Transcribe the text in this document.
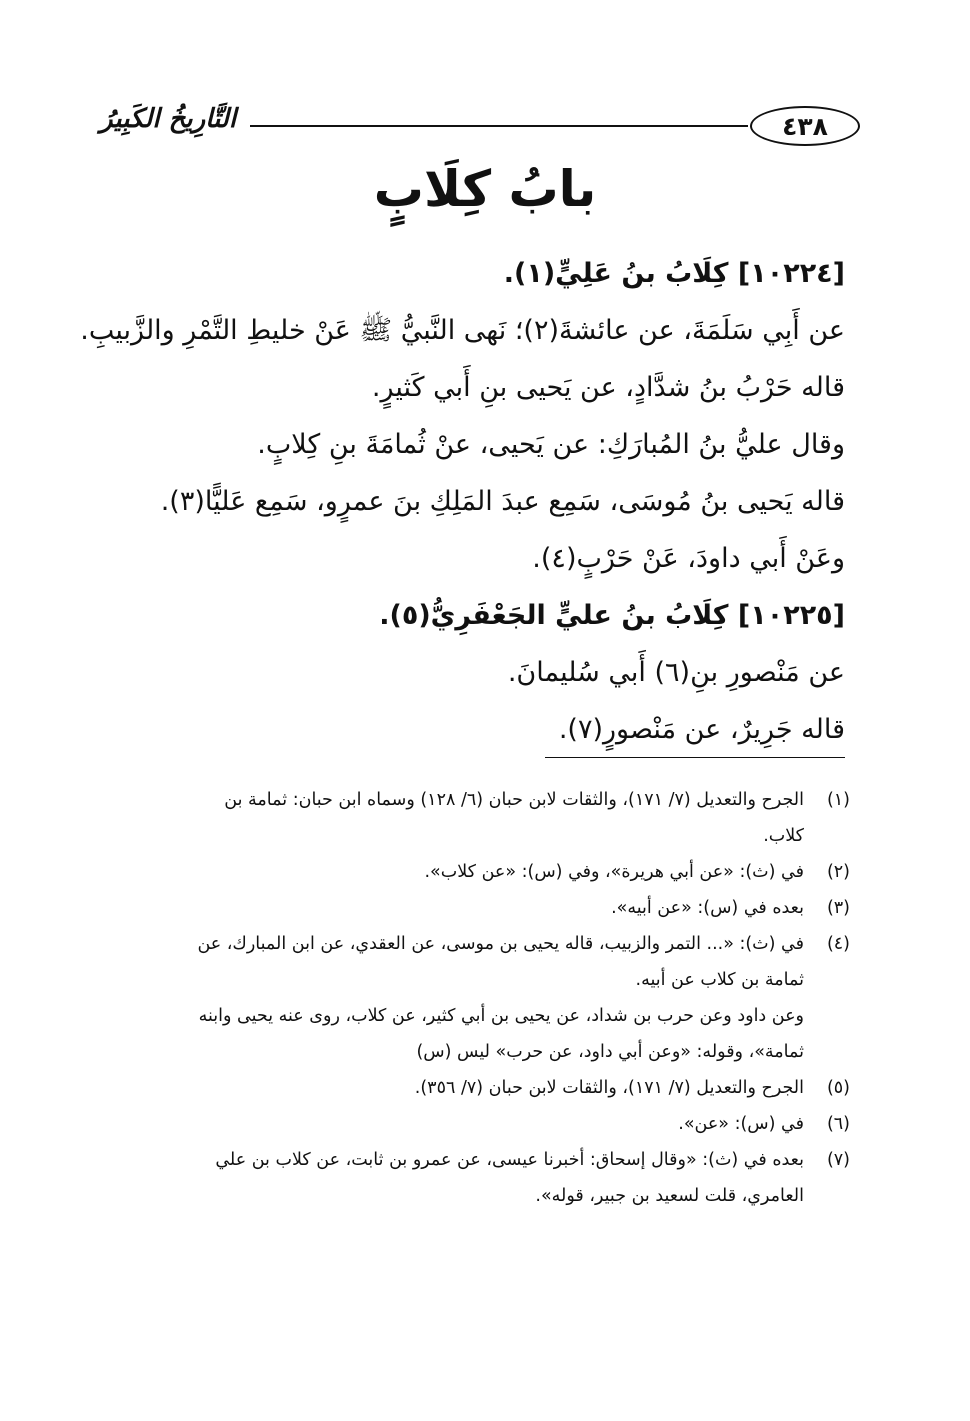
التَّارِيخُ الكَبِيرُ	٤٣٨
بابُ كِلَابٍ
[١٠٢٢٤] كِلَابُ بنُ عَلِيٍّ(١).
عن أَبِي سَلَمَةَ، عن عائشةَ(٢)؛ نَهى النَّبيُّ ﷺ عَنْ خليطِ التَّمْرِ والزَّبيبِ.
قاله حَرْبُ بنُ شدَّادٍ، عن يَحيى بنِ أَبي كَثيرٍ.
وقال عليُّ بنُ المُبارَكِ: عن يَحيى، عنْ ثُمامَةَ بنِ كِلابٍ.
قاله يَحيى بنُ مُوسَى، سَمِع عبدَ المَلِكِ بنَ عمرٍو، سَمِع عَليًّا(٣).
وعَنْ أَبي داودَ، عَنْ حَرْبٍ(٤).
[١٠٢٢٥] كِلَابُ بنُ عليٍّ الجَعْفَرِيُّ(٥).
عن مَنْصورِ بنِ(٦) أَبي سُليمانَ.
قاله جَرِيرٌ، عن مَنْصورٍ(٧).
(١)
الجرح والتعديل (٧/ ١٧١)، والثقات لابن حبان (٦/ ١٢٨) وسماه ابن حبان: ثمامة بن
كلاب.
(٢)
في (ث): «عن أبي هريرة»، وفي (س): «عن كلاب».
(٣)
بعده في (س): «عن أبيه».
(٤)
في (ث): «... التمر والزبيب، قاله يحيى بن موسى، عن العقدي، عن ابن المبارك، عن
ثمامة بن كلاب عن أبيه.
وعن داود وعن حرب بن شداد، عن يحيى بن أبي كثير، عن كلاب، روى عنه يحيى وابنه
ثمامة»، وقوله: «وعن أبي داود، عن حرب» ليس (س)
(٥)
الجرح والتعديل (٧/ ١٧١)، والثقات لابن حبان (٧/ ٣٥٦).
(٦)
في (س): «عن».
(٧)
بعده في (ث): «وقال إسحاق: أخبرنا عيسى، عن عمرو بن ثابت، عن كلاب بن علي
العامري، قلت لسعيد بن جبير، قوله».
